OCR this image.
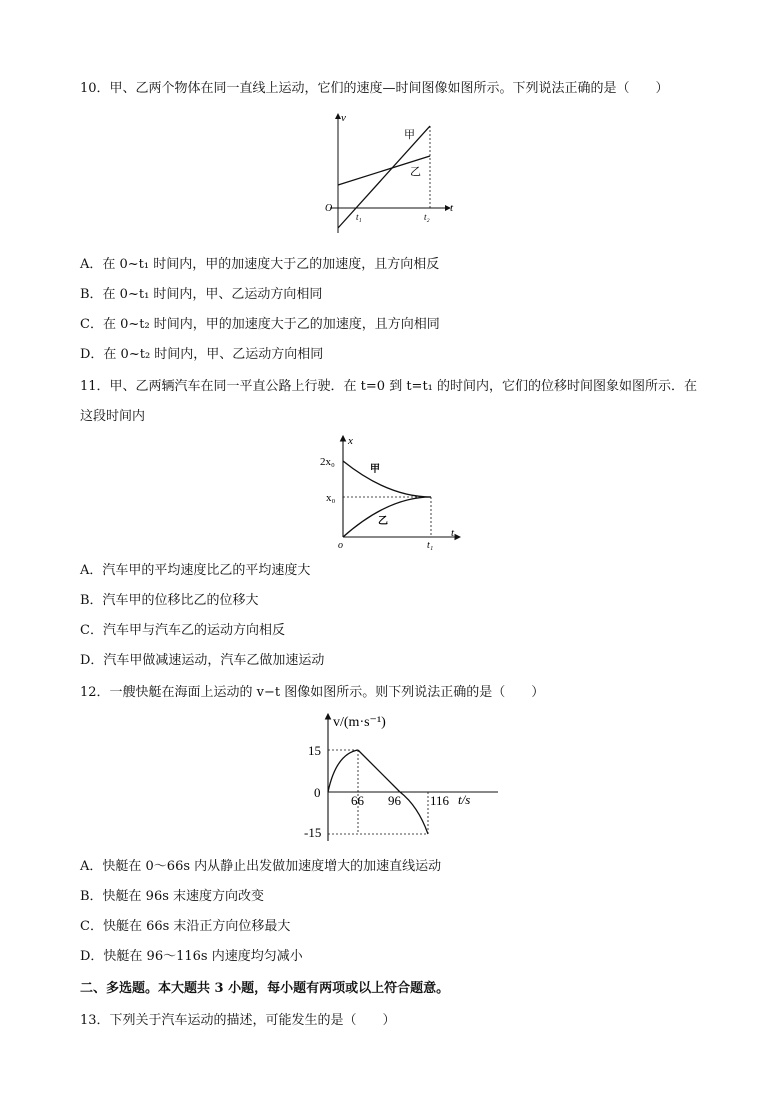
10．甲、乙两个物体在同一直线上运动，它们的速度—时间图像如图所示。下列说法正确的是（　　）
v
t
O
甲
乙
t₁	t₂
A．在 0~t₁ 时间内，甲的加速度大于乙的加速度，且方向相反
B．在 0~t₁ 时间内，甲、乙运动方向相同
C．在 0~t₂ 时间内，甲的加速度大于乙的加速度，且方向相同
D．在 0~t₂ 时间内，甲、乙运动方向相同
11．甲、乙两辆汽车在同一平直公路上行驶．在 t=0 到 t=t₁ 的时间内，它们的位移时间图象如图所示．在
这段时间内
x
t
o
2x₀
x₀
甲
乙
t₁
A．汽车甲的平均速度比乙的平均速度大
B．汽车甲的位移比乙的位移大
C．汽车甲与汽车乙的运动方向相反
D．汽车甲做减速运动，汽车乙做加速运动
12．一艘快艇在海面上运动的 v−t 图像如图所示。则下列说法正确的是（　　）
v/(m·s⁻¹)
t/s
15
0
-15
66 96 116
A．快艇在 0～66s 内从静止出发做加速度增大的加速直线运动
B．快艇在 96s 末速度方向改变
C．快艇在 66s 末沿正方向位移最大
D．快艇在 96～116s 内速度均匀减小
二、多选题。本大题共 3 小题，每小题有两项或以上符合题意。
13．下列关于汽车运动的描述，可能发生的是（　　）
